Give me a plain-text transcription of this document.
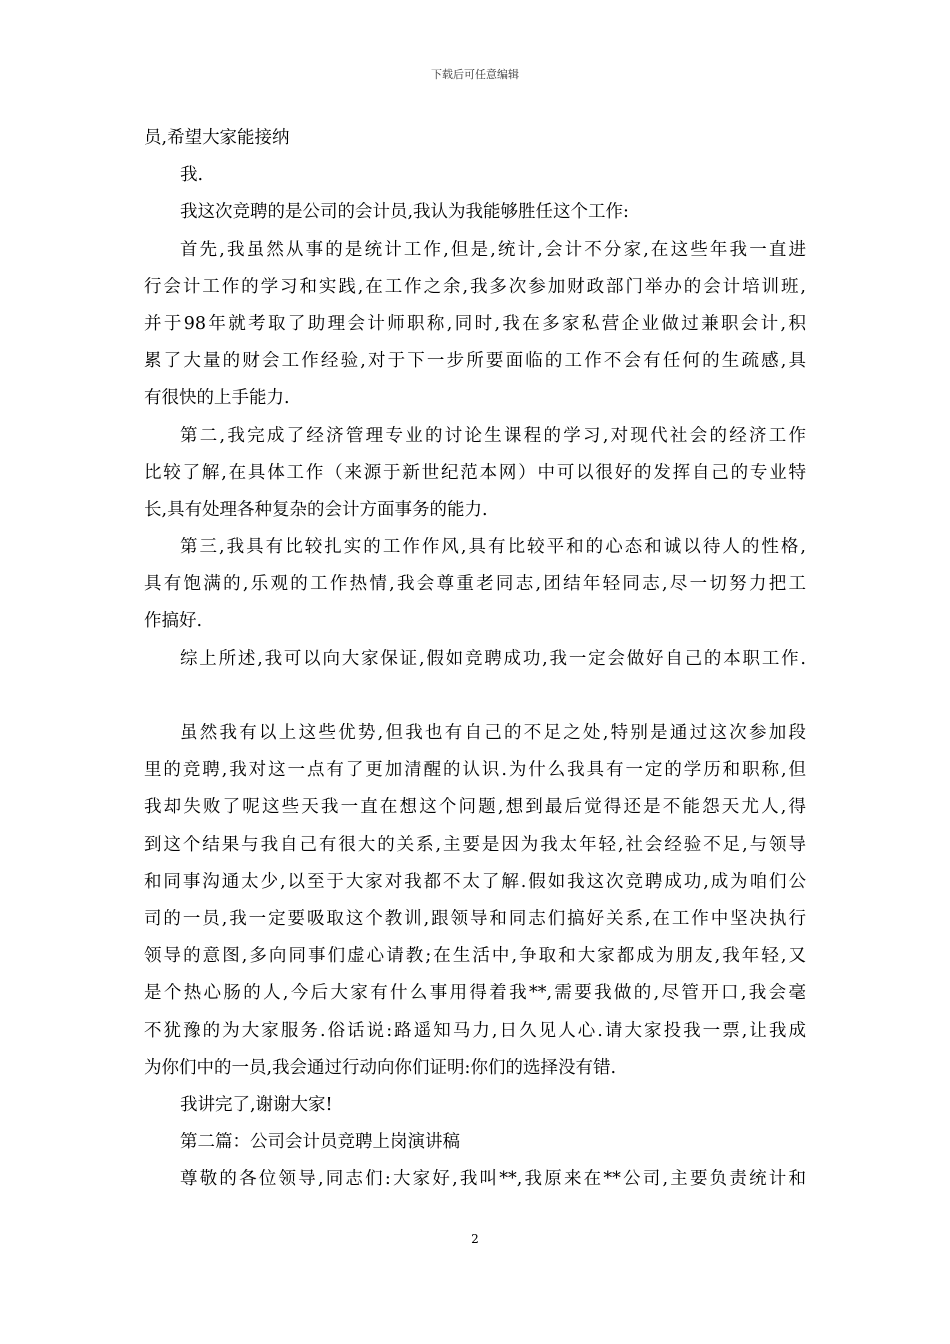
下载后可任意编辑
员,希望大家能接纳
我.
我这次竞聘的是公司的会计员,我认为我能够胜任这个工作:
首先,我虽然从事的是统计工作,但是,统计,会计不分家,在这些年我一直进
行会计工作的学习和实践,在工作之余,我多次参加财政部门举办的会计培训班,
并于98年就考取了助理会计师职称,同时,我在多家私营企业做过兼职会计,积
累了大量的财会工作经验,对于下一步所要面临的工作不会有任何的生疏感,具
有很快的上手能力.
第二,我完成了经济管理专业的讨论生课程的学习,对现代社会的经济工作
比较了解,在具体工作（来源于新世纪范本网）中可以很好的发挥自己的专业特
长,具有处理各种复杂的会计方面事务的能力.
第三,我具有比较扎实的工作作风,具有比较平和的心态和诚以待人的性格,
具有饱满的,乐观的工作热情,我会尊重老同志,团结年轻同志,尽一切努力把工
作搞好.
综上所述,我可以向大家保证,假如竞聘成功,我一定会做好自己的本职工作.
虽然我有以上这些优势,但我也有自己的不足之处,特别是通过这次参加段
里的竞聘,我对这一点有了更加清醒的认识.为什么我具有一定的学历和职称,但
我却失败了呢这些天我一直在想这个问题,想到最后觉得还是不能怨天尤人,得
到这个结果与我自己有很大的关系,主要是因为我太年轻,社会经验不足,与领导
和同事沟通太少,以至于大家对我都不太了解.假如我这次竞聘成功,成为咱们公
司的一员,我一定要吸取这个教训,跟领导和同志们搞好关系,在工作中坚决执行
领导的意图,多向同事们虚心请教;在生活中,争取和大家都成为朋友,我年轻,又
是个热心肠的人,今后大家有什么事用得着我**,需要我做的,尽管开口,我会毫
不犹豫的为大家服务.俗话说:路遥知马力,日久见人心.请大家投我一票,让我成
为你们中的一员,我会通过行动向你们证明:你们的选择没有错.
我讲完了,谢谢大家!
第二篇：公司会计员竞聘上岗演讲稿
尊敬的各位领导,同志们:大家好,我叫**,我原来在**公司,主要负责统计和
2
